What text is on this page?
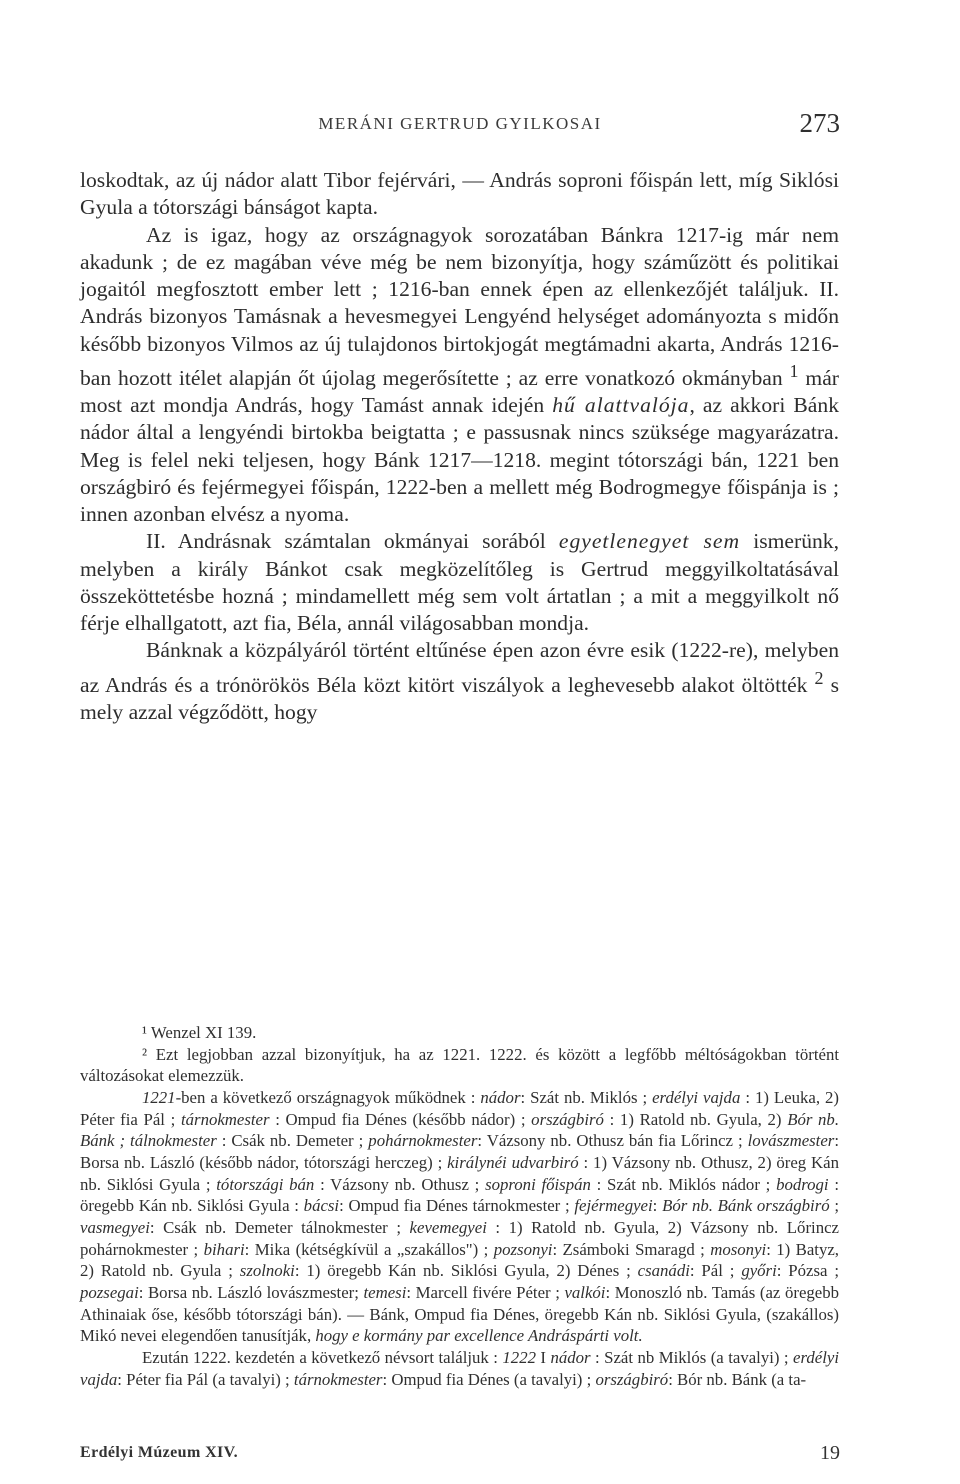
MERÁNI GERTRUD GYILKOSAI	273

loskodtak, az új nádor alatt Tibor fejérvári, — András soproni főispán lett, míg Siklósi Gyula a tótországi bánságot kapta.

Az is igaz, hogy az országnagyok sorozatában Bánkra 1217-ig már nem akadunk ; de ez magában véve még be nem bizonyítja, hogy száműzött és politikai jogaitól megfosztott ember lett ; 1216-ban ennek épen az ellenkezőjét találjuk. II. András bizonyos Tamásnak a hevesmegyei Lengyénd helységet adományozta s midőn később bizonyos Vilmos az új tulajdonos birtokjogát megtámadni akarta, András 1216-ban hozott itélet alapján őt újolag megerősítette ; az erre vonatkozó okmányban $^1$ már most azt mondja András, hogy Tamást annak idején hű alattvalója, az akkori Bánk nádor által a lengyéndi birtokba beigtatta ; e passusnak nincs szüksége magyarázatra. Meg is felel neki teljesen, hogy Bánk 1217—1218. megint tótországi bán, 1221 ben országbiró és fejérmegyei főispán, 1222-ben a mellett még Bodrogmegye főispánja is ; innen azonban elvész a nyoma.

II. Andrásnak számtalan okmányai sorából egyetlenegyet sem ismerünk, melyben a király Bánkot csak megközelítőleg is Gertrud meggyilkoltatásával összeköttetésbe hozná ; mindamellett még sem volt ártatlan ; a mit a meggyilkolt nő férje elhallgatott, azt fia, Béla, annál világosabban mondja.

Bánknak a közpályáról történt eltűnése épen azon évre esik (1222-re), melyben az András és a trónörökös Béla közt kitört viszályok a leghevesebb alakot öltötték $^2$ s mely azzal végződött, hogy

¹ Wenzel XI 139.

² Ezt legjobban azzal bizonyítjuk, ha az 1221. 1222. és között a legfőbb méltóságokban történt változásokat elemezzük.

1221-ben a következő országnagyok működnek : nádor: Szát nb. Miklós ; erdélyi vajda : 1) Leuka, 2) Péter fia Pál ; tárnokmester : Ompud fia Dénes (később nádor) ; országbiró : 1) Ratold nb. Gyula, 2) Bór nb. Bánk ; tálnokmester : Csák nb. Demeter ; pohárnokmester: Vázsony nb. Othusz bán fia Lőrincz ; lovászmester: Borsa nb. László (később nádor, tótországi herczeg) ; királynéi udvarbiró : 1) Vázsony nb. Othusz, 2) öreg Kán nb. Siklósi Gyula ; tótországi bán : Vázsony nb. Othusz ; soproni főispán : Szát nb. Miklós nádor ; bodrogi : öregebb Kán nb. Siklósi Gyula : bácsi: Ompud fia Dénes tárnokmester ; fejérmegyei: Bór nb. Bánk országbiró ; vasmegyei: Csák nb. Demeter tálnokmester ; kevemegyei : 1) Ratold nb. Gyula, 2) Vázsony nb. Lőrincz pohárnokmester ; bihari: Mika (kétségkívül a „szakállos") ; pozsonyi: Zsámboki Smaragd ; mosonyi: 1) Batyz, 2) Ratold nb. Gyula ; szolnoki: 1) öregebb Kán nb. Siklósi Gyula, 2) Dénes ; csanádi: Pál ; győri: Pózsa ; pozsegai: Borsa nb. László lovászmester; temesi: Marcell fivére Péter ; valkói: Monoszló nb. Tamás (az öregebb Athinaiak őse, később tótországi bán). — Bánk, Ompud fia Dénes, öregebb Kán nb. Siklósi Gyula, (szakállos) Mikó nevei elegendően tanusítják, hogy e kormány par excellence Andráspárti volt.

Ezután 1222. kezdetén a következő névsort találjuk : 1222 I nádor : Szát nb Miklós (a tavalyi) ; erdélyi vajda: Péter fia Pál (a tavalyi) ; tárnokmester: Ompud fia Dénes (a tavalyi) ; országbiró: Bór nb. Bánk (a ta-

Erdélyi Múzeum XIV.	19
